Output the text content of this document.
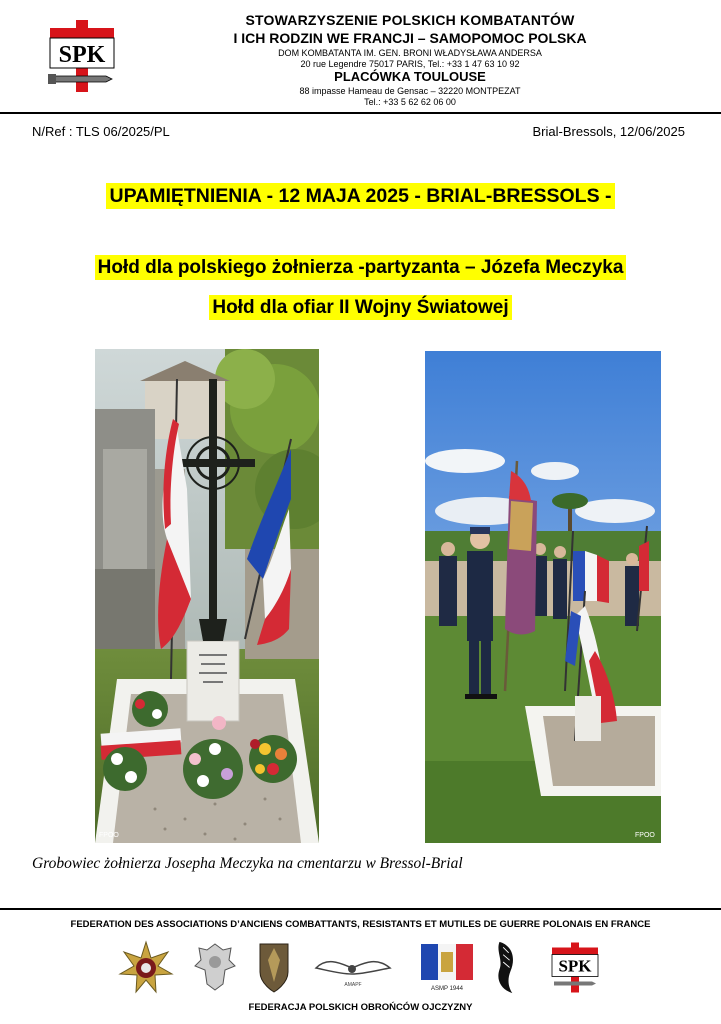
SPK
STOWARZYSZENIE POLSKICH KOMBATANTÓW
I ICH RODZIN WE FRANCJI – SAMOPOMOC POLSKA
DOM KOMBATANTA IM. GEN. BRONI WŁADYSŁAWA ANDERSA
20 rue Legendre 75017 PARIS, Tel.: +33 1 47 63 10 92
PLACÓWKA TOULOUSE
88 impasse Hameau de Gensac – 32220 MONTPEZAT
Tel.: +33 5 62 62 06 00
N/Ref : TLS 06/2025/PL	Brial-Bressols, 12/06/2025
UPAMIĘTNIENIA - 12 MAJA 2025 - BRIAL-BRESSOLS -
Hołd dla polskiego żołnierza -partyzanta – Józefa Meczyka
Hołd dla ofiar II Wojny Światowej
FPOO	FPOO
Grobowiec żołnierza Josepha Meczyka na cmentarzu w Bressol-Brial
FEDERATION DES ASSOCIATIONS D’ANCIENS COMBATTANTS, RESISTANTS ET MUTILES DE GUERRE POLONAIS EN FRANCE
AMAPF
ASMP 1944
SPK
FEDERACJA POLSKICH OBROŃCÓW OJCZYZNY
